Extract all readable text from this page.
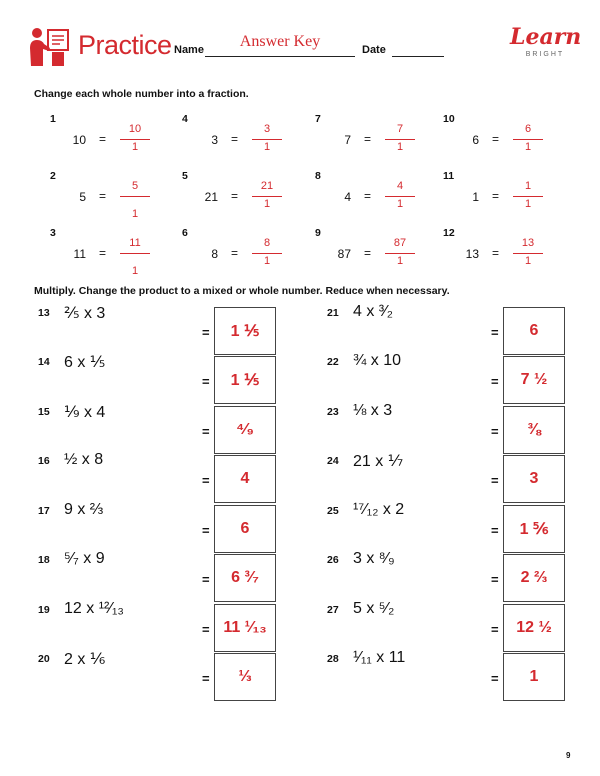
Practice Name	Answer Key	Date	Learn
BRIGHT
Change each whole number into a fraction.
1
10 =
10
1
2
5 =
5
1
3
11 =
11
1
4
3 =
3
1
5
21 =
21
1
6
8 =
8
1
7
7 =
7
1
8
4 =
4
1
9
87 =
87
1
10
6 =
6
1
11
1 =
1
1
12
13 =
13
1
Multiply. Change the product to a mixed or whole number. Reduce when necessary.
13 ⅖ x 3
=	1 ⅕
14 6 x ⅕
=	1 ⅕
15 ⅑ x 4
=	⁴⁄₉
16 ½ x 8
=	4
17 9 x ⅔
=	6
18 ⁵⁄₇ x 9
=	6 ³⁄₇
19 12 x ¹²⁄₁₃
= 11 ¹⁄₁₃
20 2 x ⅙
=	⅓
21 4 x ³⁄₂
=	6
22 ¾ x 10
=	7 ½
23 ⅛ x 3
=	⅜
24 21 x ⅐
=	3
25 ¹⁷⁄₁₂ x 2
=	1 ⅚
26 3 x ⁸⁄₉
=	2 ⅔
27 5 x ⁵⁄₂
=	12 ½
28 ¹⁄₁₁ x 11
=	1
9
